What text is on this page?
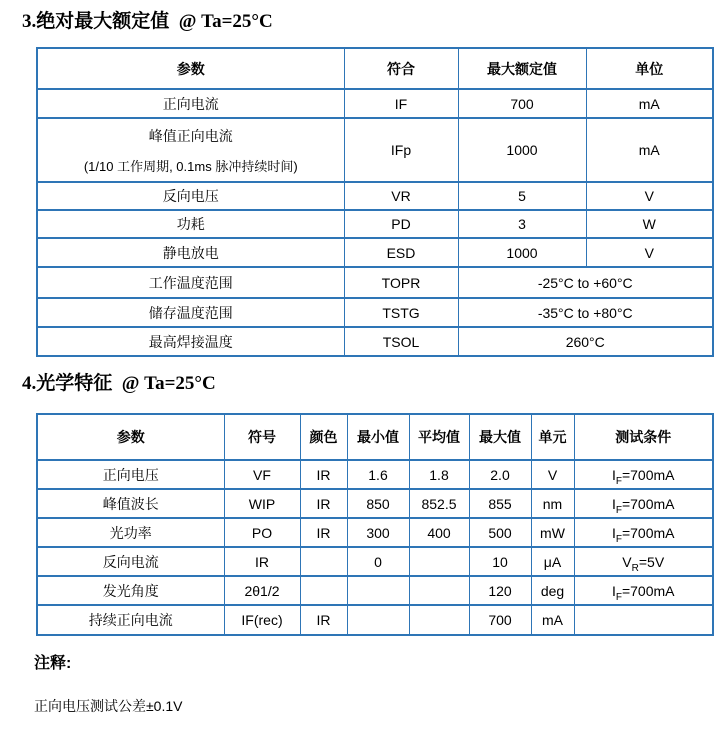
3.绝对最大额定值  @ Ta=25°C
参数	符合	最大额定值	单位
正向电流	IF	700	mA

峰值正向电流
(1/10 工作周期, 0.1ms 脉冲持续时间)	IFp	1000	mA
反向电压	VR	5	V
功耗	PD	3	W
静电放电	ESD	1000	V
工作温度范围	TOPR	-25°C to +60°C	
储存温度范围	TSTG	-35°C to +80°C	
最高焊接温度	TSOL	260°C	
4.光学特征  @ Ta=25°C
参数	符号	颜色	最小值	平均值	最大值	单元	测试条件
正向电压	VF	IR	1.6	1.8	2.0	V	$I_F=700mA$
峰值波长	WIP	IR	850	852.5	855	nm	$I_F=700mA$
光功率	PO	IR	300	400	500	mW	$I_F=700mA$
反向电流	IR		0		10	μA	$V_R=5V$
发光角度	2θ1/2				120	deg	$I_F=700mA$
持续正向电流	IF(rec)	IR			700	mA	
注释:
正向电压测试公差±0.1V
